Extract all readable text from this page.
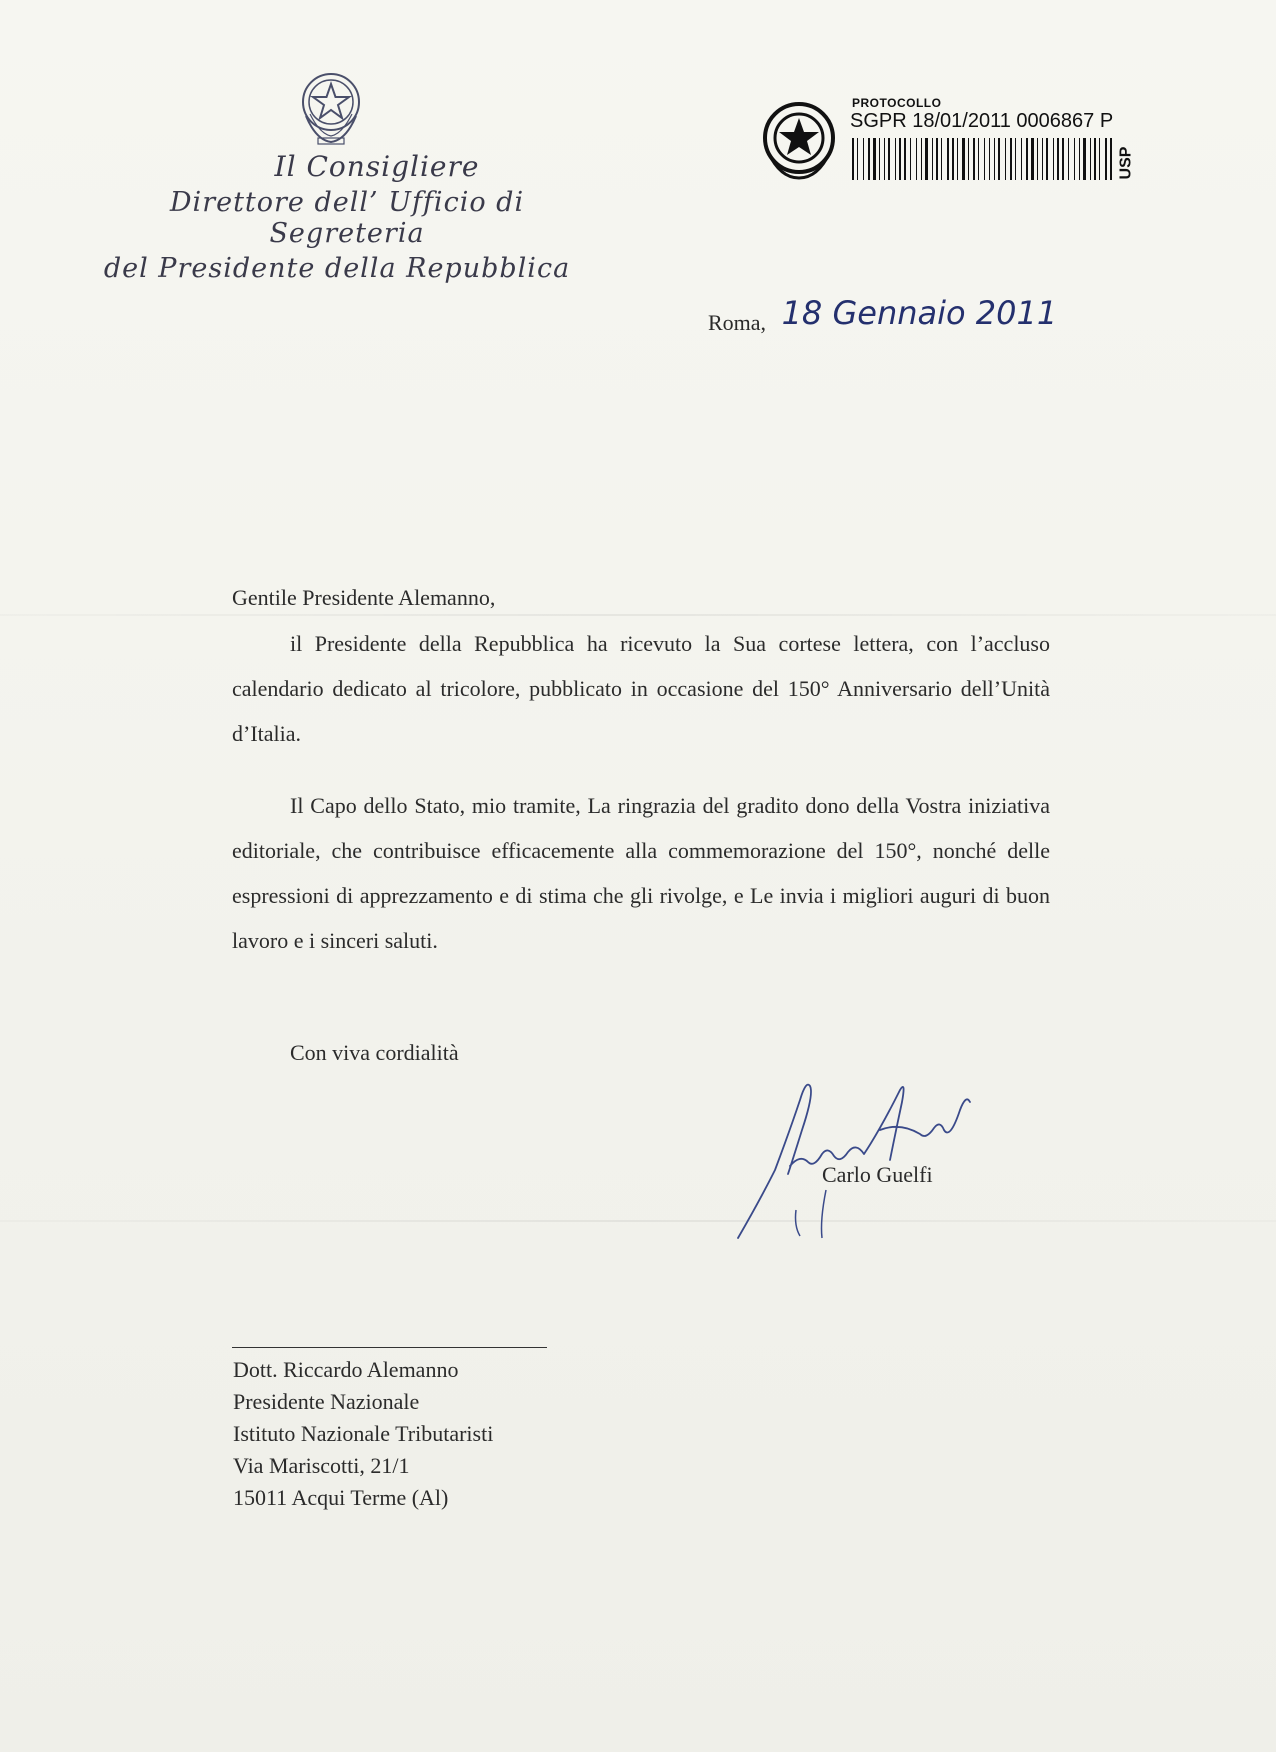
Il Consigliere
Direttore dell’ Ufficio di Segreteria
del Presidente della Repubblica
PROTOCOLLO
SGPR 18/01/2011 0006867 P
USP
Roma, 18 Gennaio 2011
Gentile Presidente Alemanno,
il Presidente della Repubblica ha ricevuto la Sua cortese lettera, con l’accluso calendario dedicato al tricolore, pubblicato in occasione del 150° Anniversario dell’Unità d’Italia.
Il Capo dello Stato, mio tramite, La ringrazia del gradito dono della Vostra iniziativa editoriale, che contribuisce efficacemente alla commemorazione del 150°, nonché delle espressioni di apprezzamento e di stima che gli rivolge, e Le invia i migliori auguri di buon lavoro e i sinceri saluti.
Con viva cordialità
Carlo Guelfi
Dott. Riccardo Alemanno
Presidente Nazionale
Istituto Nazionale Tributaristi
Via Mariscotti, 21/1
15011 Acqui Terme (Al)
